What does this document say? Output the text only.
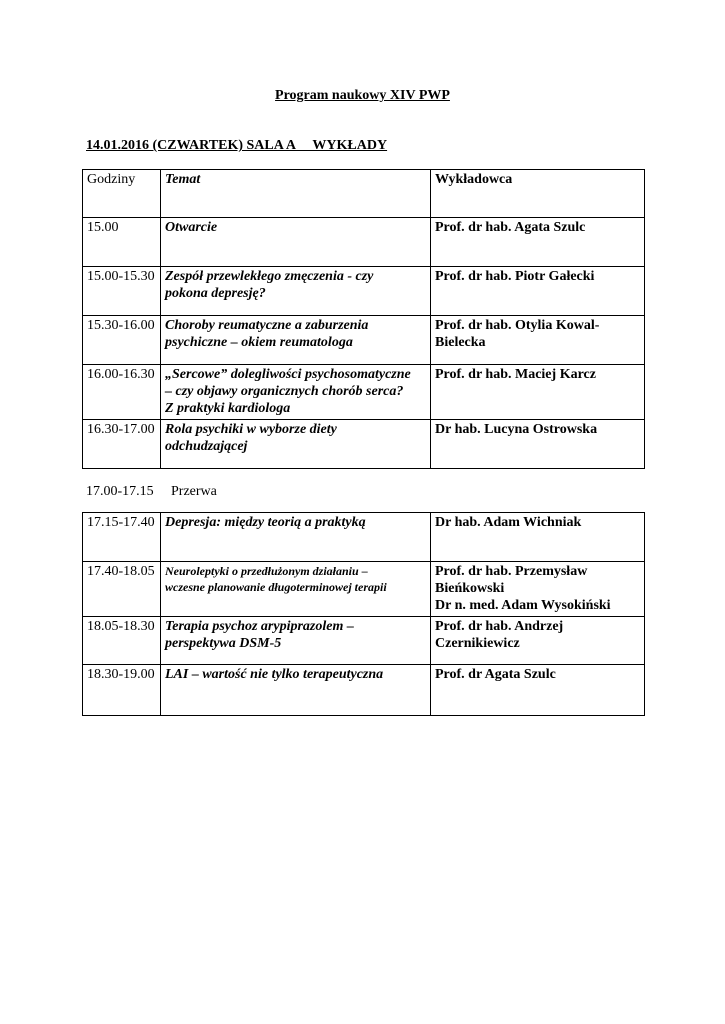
Program naukowy XIV PWP
14.01.2016 (CZWARTEK) SALA A     WYKŁADY
Godziny	Temat	Wykładowca
15.00	Otwarcie	Prof. dr hab. Agata Szulc
15.00-15.30	Zespół przewlekłego zmęczenia - czy
pokona depresję?	Prof. dr hab. Piotr Gałecki
15.30-16.00	Choroby reumatyczne a zaburzenia
psychiczne – okiem reumatologa	Prof. dr hab. Otylia Kowal-
Bielecka
16.00-16.30	„Sercowe” dolegliwości psychosomatyczne
– czy objawy organicznych chorób serca?
Z praktyki kardiologa	Prof. dr hab. Maciej Karcz
16.30-17.00	Rola psychiki w wyborze diety
odchudzającej	Dr hab. Lucyna Ostrowska
17.00-17.15 Przerwa
17.15-17.40	Depresja: między teorią a praktyką	Dr hab. Adam Wichniak
17.40-18.05	Neuroleptyki o przedłużonym działaniu –
wczesne planowanie długoterminowej terapii	Prof. dr hab. Przemysław
Bieńkowski
Dr n. med. Adam Wysokiński
18.05-18.30	Terapia psychoz arypiprazolem –
perspektywa DSM-5	Prof. dr hab. Andrzej
Czernikiewicz
18.30-19.00	LAI – wartość nie tylko terapeutyczna	Prof. dr Agata Szulc
